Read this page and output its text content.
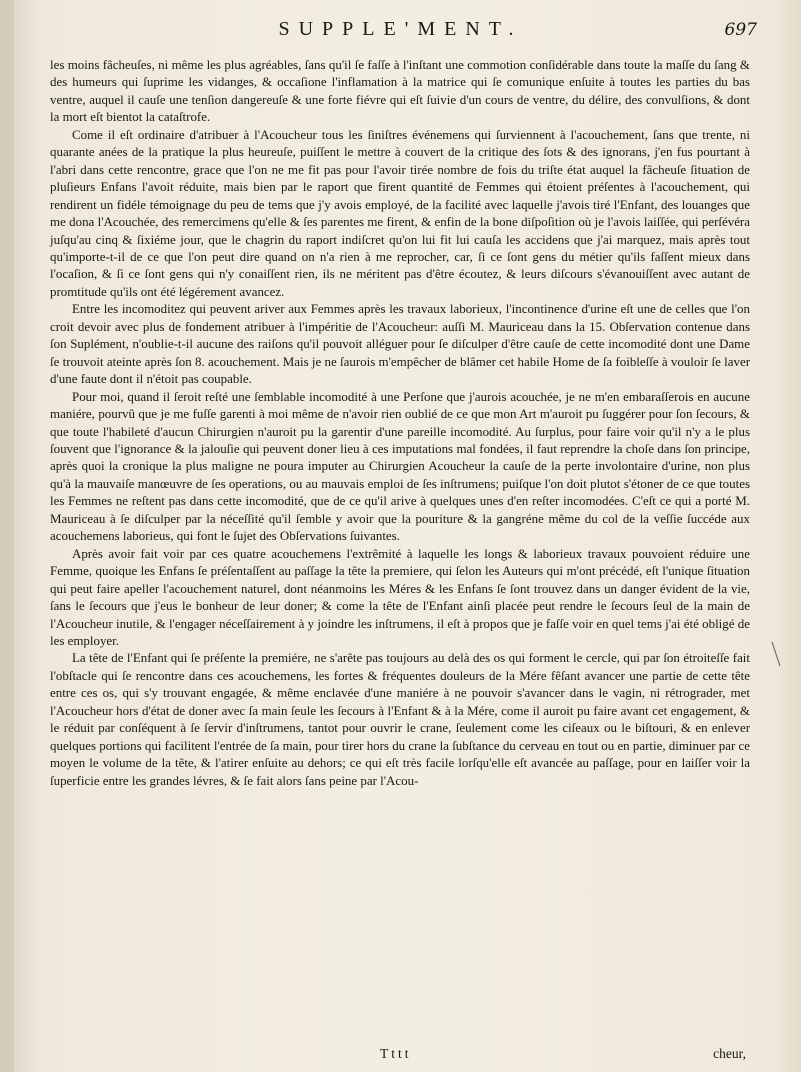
SUPPLE'MENT.	697

les moins fâcheuſes, ni même les plus agréables, ſans qu'il ſe faſſe à l'inſtant une commotion conſidérable dans toute la maſſe du ſang & des humeurs qui ſuprime les vidanges, & occaſione l'inflamation à la matrice qui ſe comunique enſuite à toutes les parties du bas ventre, auquel il cauſe une tenſion dangereuſe & une forte fiévre qui eſt ſuivie d'un cours de ventre, du délire, des convulſions, & dont la mort eſt bientot la cataſtrofe.

Come il eſt ordinaire d'atribuer à l'Acoucheur tous les ſiniſtres événemens qui ſurviennent à l'acouchement, ſans que trente, ni quarante anées de la pratique la plus heureuſe, puiſſent le mettre à couvert de la critique des ſots & des ignorans, j'en fus pourtant à l'abri dans cette rencontre, grace que l'on ne me fit pas pour l'avoir tirée nombre de fois du triſte état auquel la fâcheuſe ſituation de pluſieurs Enfans l'avoit réduite, mais bien par le raport que firent quantité de Femmes qui étoient préſentes à l'acouchement, qui rendirent un fidéle témoignage du peu de tems que j'y avois employé, de la facilité avec laquelle j'avois tiré l'Enfant, des louanges que me dona l'Acouchée, des remercimens qu'elle & ſes parentes me firent, & enfin de la bone diſpoſition où je l'avois laiſſée, qui perſévéra juſqu'au cinq & ſixiéme jour, que le chagrin du raport indiſcret qu'on lui fit lui cauſa les accidens que j'ai marquez, mais après tout qu'importe-t-il de ce que l'on peut dire quand on n'a rien à me reprocher, car, ſi ce ſont gens du métier qu'ils faſſent mieux dans l'ocaſion, & ſi ce ſont gens qui n'y conaiſſent rien, ils ne méritent pas d'être écoutez, & leurs diſcours s'évanouiſſent avec autant de promtitude qu'ils ont été légérement avancez.

Entre les incomoditez qui peuvent ariver aux Femmes après les travaux laborieux, l'incontinence d'urine eſt une de celles que l'on croit devoir avec plus de fondement atribuer à l'impéritie de l'Acoucheur: auſſi M. Mauriceau dans la 15. Obſervation contenue dans ſon Suplément, n'oublie-t-il aucune des raiſons qu'il pouvoit alléguer pour ſe diſculper d'être cauſe de cette incomodité dont une Dame ſe trouvoit ateinte après ſon 8. acouchement. Mais je ne ſaurois m'empêcher de blâmer cet habile Home de ſa foibleſſe à vouloir ſe laver d'une faute dont il n'étoit pas coupable.

Pour moi, quand il ſeroit reſté une ſemblable incomodité à une Perſone que j'aurois acouchée, je ne m'en embaraſſerois en aucune maniére, pourvû que je me fuſſe garenti à moi même de n'avoir rien oublié de ce que mon Art m'auroit pu ſuggérer pour ſon ſecours, & que toute l'habileté d'aucun Chirurgien n'auroit pu la garentir d'une pareille incomodité. Au ſurplus, pour faire voir qu'il n'y a le plus ſouvent que l'ignorance & la jalouſie qui peuvent doner lieu à ces imputations mal fondées, il faut reprendre la choſe dans ſon principe, après quoi la cronique la plus maligne ne poura imputer au Chirurgien Acoucheur la cauſe de la perte involontaire d'urine, non plus qu'à la mauvaiſe manœuvre de ſes operations, ou au mauvais emploi de ſes inſtrumens; puiſque l'on doit plutot s'étoner de ce que toutes les Femmes ne reſtent pas dans cette incomodité, que de ce qu'il arive à quelques unes d'en reſter incomodées. C'eſt ce qui a porté M. Mauriceau à ſe diſculper par la néceſſité qu'il ſemble y avoir que la pouriture & la gangréne même du col de la veſſie ſuccéde aux acouchemens laborieus, qui font le ſujet des Obſervations ſuivantes.

Après avoir fait voir par ces quatre acouchemens l'extrêmité à laquelle les longs & laborieux travaux pouvoient réduire une Femme, quoique les Enfans ſe préſentaſſent au paſſage la tête la premiere, qui ſelon les Auteurs qui m'ont précédé, eſt l'unique ſituation qui peut faire apeller l'acouchement naturel, dont néanmoins les Méres & les Enfans ſe ſont trouvez dans un danger évident de la vie, ſans le ſecours que j'eus le bonheur de leur doner; & come la tête de l'Enfant ainſi placée peut rendre le ſecours ſeul de la main de l'Acoucheur inutile, & l'engager néceſſairement à y joindre les inſtrumens, il eſt à propos que je faſſe voir en quel tems j'ai été obligé de les employer.

La tête de l'Enfant qui ſe préſente la premiére, ne s'arête pas toujours au delà des os qui forment le cercle, qui par ſon étroiteſſe fait l'obſtacle qui ſe rencontre dans ces acouchemens, les fortes & fréquentes douleurs de la Mére fêſant avancer une partie de cette tête entre ces os, qui s'y trouvant engagée, & même enclavée d'une maniére à ne pouvoir s'avancer dans le vagin, ni rétrograder, met l'Acoucheur hors d'état de doner avec ſa main ſeule les ſecours à l'Enfant & à la Mére, come il auroit pu faire avant cet engagement, & le réduit par conſéquent à ſe ſervir d'inſtrumens, tantot pour ouvrir le crane, ſeulement come les ciſeaux ou le biſtouri, & en enlever quelques portions qui facilitent l'entrée de ſa main, pour tirer hors du crane la ſubſtance du cerveau en tout ou en partie, diminuer par ce moyen le volume de la tête, & l'atirer enſuite au dehors; ce qui eſt très facile lorſqu'elle eſt avancée au paſſage, pour en laiſſer voir la ſuperficie entre les grandes lévres, & ſe fait alors ſans peine par l'Acou-

Tttt	cheur,
